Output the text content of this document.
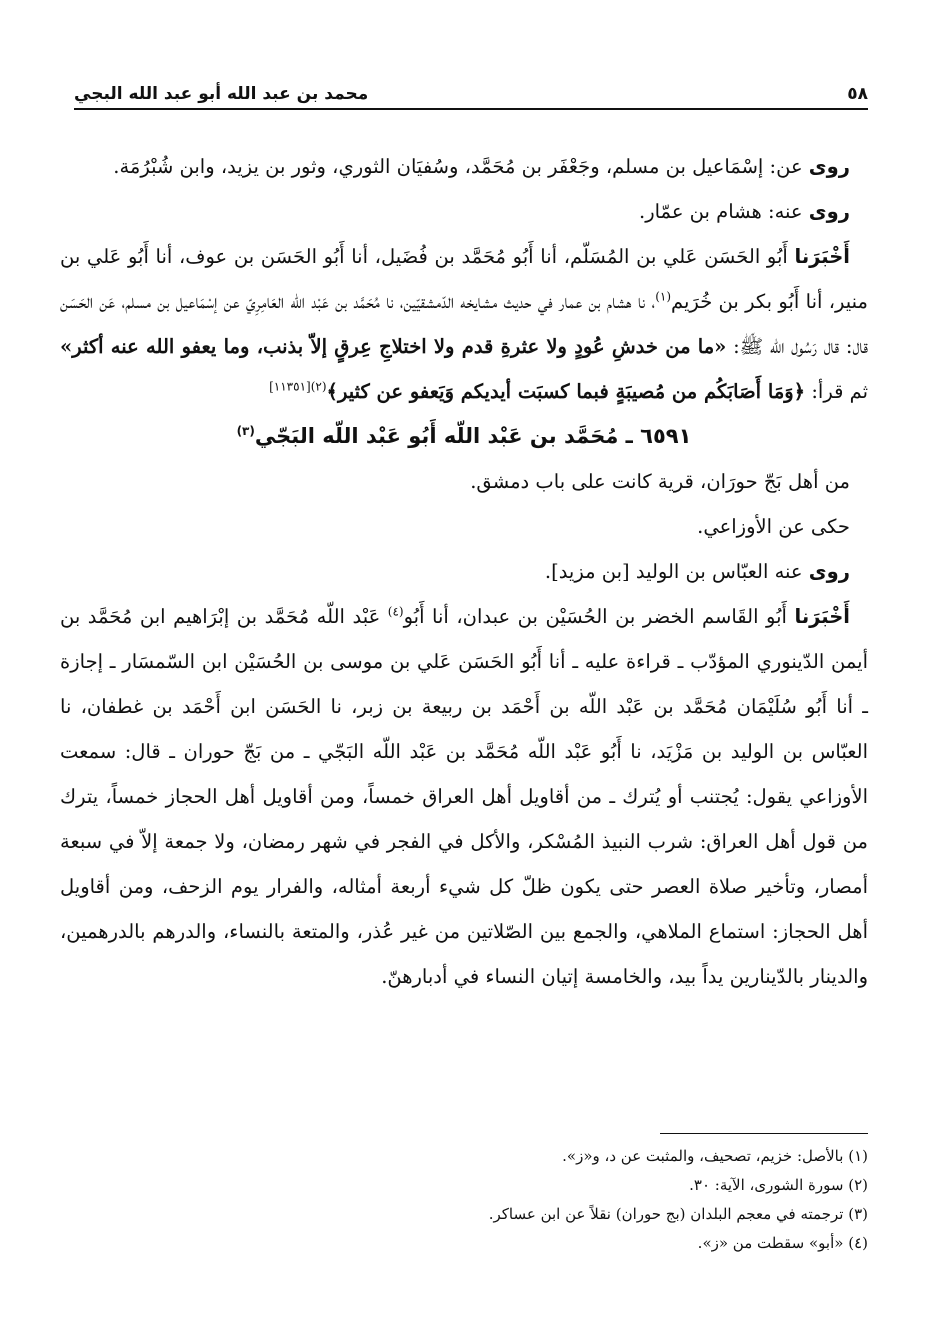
٥٨
محمد بن عبد الله أبو عبد الله البجي

روى عن: إسْمَاعيل بن مسلم، وجَعْفَر بن مُحَمَّد، وسُفيَان الثوري، وثور بن يزيد، وابن شُبْرُمَة.

روى عنه: هشام بن عمّار.

أَخْبَرَنا أَبُو الحَسَن عَلي بن المُسَلّم، أنا أَبُو مُحَمَّد بن فُضَيل، أنا أَبُو الحَسَن بن عوف، أنا أَبُو عَلي بن منير، أنا أَبُو بكر بن خُرَيم$^{(١)}$، نا هشام بن عمار في حديث مشايخه الدّمشقيّين، نا مُحَمَّد بن عَبْد اللّه العَامِرِيّ عن إسْمَاعيل بن مسلم، عَن الحَسَن قال: قال رَسُول الله ﷺ: «ما من خدشِ عُودٍ ولا عثرةِ قدم ولا اختلاجِ عِرقٍ إلاّ بذنب، وما يعفو الله عنه أكثر» ثم قرأ: ﴿وَمَا أَصَابَكُم من مُصيبَةٍ فبما كسبَت أيديكم وَيَعفو عن كثير﴾$^{(٢)[١١٣٥١]}$

٦٥٩١ ـ مُحَمَّد بن عَبْد اللّه أَبُو عَبْد اللّه البَجّي$^{(٣)}$

من أهل بَجّ حورَان، قرية كانت على باب دمشق.

حكى عن الأوزاعي.

روى عنه العبّاس بن الوليد [بن مزيد].

أَخْبَرَنا أَبُو القَاسم الخضر بن الحُسَيْن بن عبدان، أنا أَبُو$^{(٤)}$ عَبْد اللّه مُحَمَّد بن إبْرَاهيم ابن مُحَمَّد بن أيمن الدّينوري المؤدّب ـ قراءة عليه ـ أنا أَبُو الحَسَن عَلي بن موسى بن الحُسَيْن ابن السّمسَار ـ إجازة ـ أنا أَبُو سُلَيْمَان مُحَمَّد بن عَبْد اللّه بن أَحْمَد بن ربيعة بن زبر، نا الحَسَن ابن أَحْمَد بن غطفان، نا العبّاس بن الوليد بن مَزْيَد، نا أَبُو عَبْد اللّه مُحَمَّد بن عَبْد اللّه البَجّي ـ من بَجّ حوران ـ قال: سمعت الأوزاعي يقول: يُجتنب أو يُترك ـ من أقاويل أهل العراق خمساً، ومن أقاويل أهل الحجاز خمساً، يترك من قول أهل العراق: شرب النبيذ المُسْكر، والأكل في الفجر في شهر رمضان، ولا جمعة إلاّ في سبعة أمصار، وتأخير صلاة العصر حتى يكون ظلّ كل شيء أربعة أمثاله، والفرار يوم الزحف، ومن أقاويل أهل الحجاز: استماع الملاهي، والجمع بين الصّلاتين من غير عُذر، والمتعة بالنساء، والدرهم بالدرهمين، والدينار بالدّينارين يداً بيد، والخامسة إتيان النساء في أدبارهنّ.

(١) بالأصل: خزيم، تصحيف، والمثبت عن د، و«ز».

(٢) سورة الشورى، الآية: ٣٠.

(٣) ترجمته في معجم البلدان (بج حوران) نقلاً عن ابن عساكر.

(٤) «أبو» سقطت من «ز».
